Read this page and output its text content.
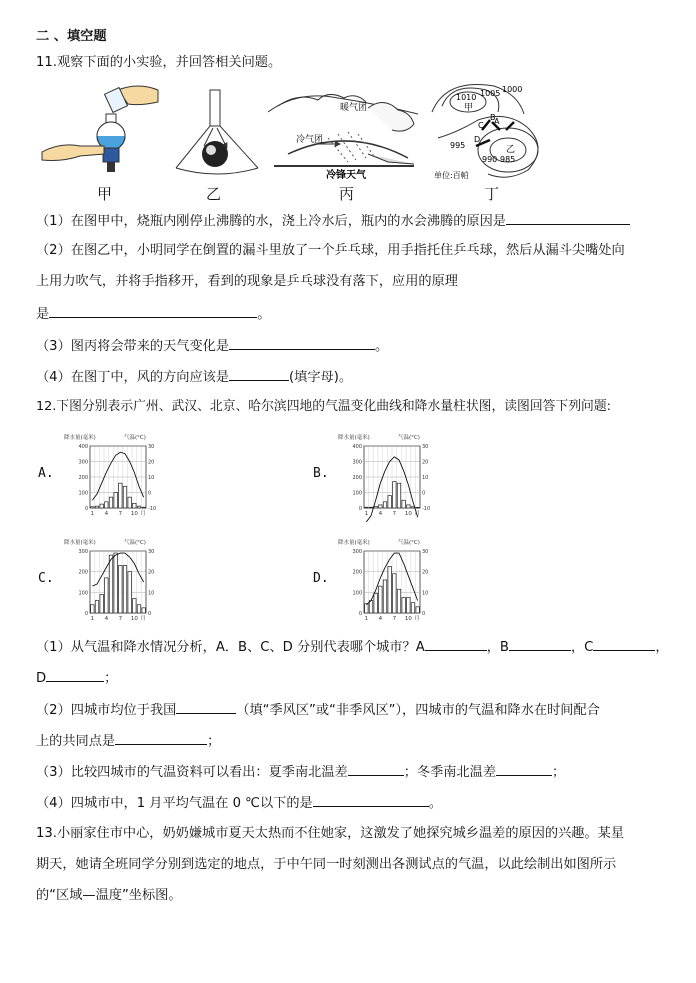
二 、填空题
11.观察下面的小实验，并回答相关问题。
甲	乙
暖气团
冷气团
冷锋天气
丙
1010 1005 1000
995
990 985
甲
乙
A
B
C
D
单位:百帕
丁
（1）在图甲中，烧瓶内刚停止沸腾的水，浇上冷水后，瓶内的水会沸腾的原因是
（2）在图乙中，小明同学在倒置的漏斗里放了一个乒乓球，用手指托住乒乓球，然后从漏斗尖嘴处向
上用力吹气，并将手指移开，看到的现象是乒乓球没有落下，应用的原理
是	。
（3）图丙将会带来的天气变化是	。
（4）在图丁中，风的方向应该是	(填字母)。
12.下图分别表示广州、武汉、北京、哈尔滨四地的气温变化曲线和降水量柱状图，读图回答下列问题:
A.	B.
C.	D.
降水量(毫米)	气温(°C)
400
300
200
100
0
30
20
10
0
-10
1 4 7 10 月
降水量(毫米)	气温(°C)
400
300
200
100
0
30
20
10
0
-10
1 4 7 10 月
降水量(毫米)	气温(°C)
300
200
100
0
30
20
10
0
1 4 7 10 月
降水量(毫米)	气温(°C)
300
200
100
0
30
20
10
0
1 4 7 10 月
（1）从气温和降水情况分析，A．B、C、D 分别代表哪个城市？A	，B	，C	，
D	；
（2）四城市均位于我国	（填“季风区”或“非季风区”），四城市的气温和降水在时间配合
上的共同点是	；
（3）比较四城市的气温资料可以看出：夏季南北温差	；冬季南北温差	；
（4）四城市中，1 月平均气温在 0 ℃以下的是	。
13.小丽家住市中心，奶奶嫌城市夏天太热而不住她家，这激发了她探究城乡温差的原因的兴趣。某星
期天，她请全班同学分别到选定的地点，于中午同一时刻测出各测试点的气温，以此绘制出如图所示
的“区域—温度”坐标图。
